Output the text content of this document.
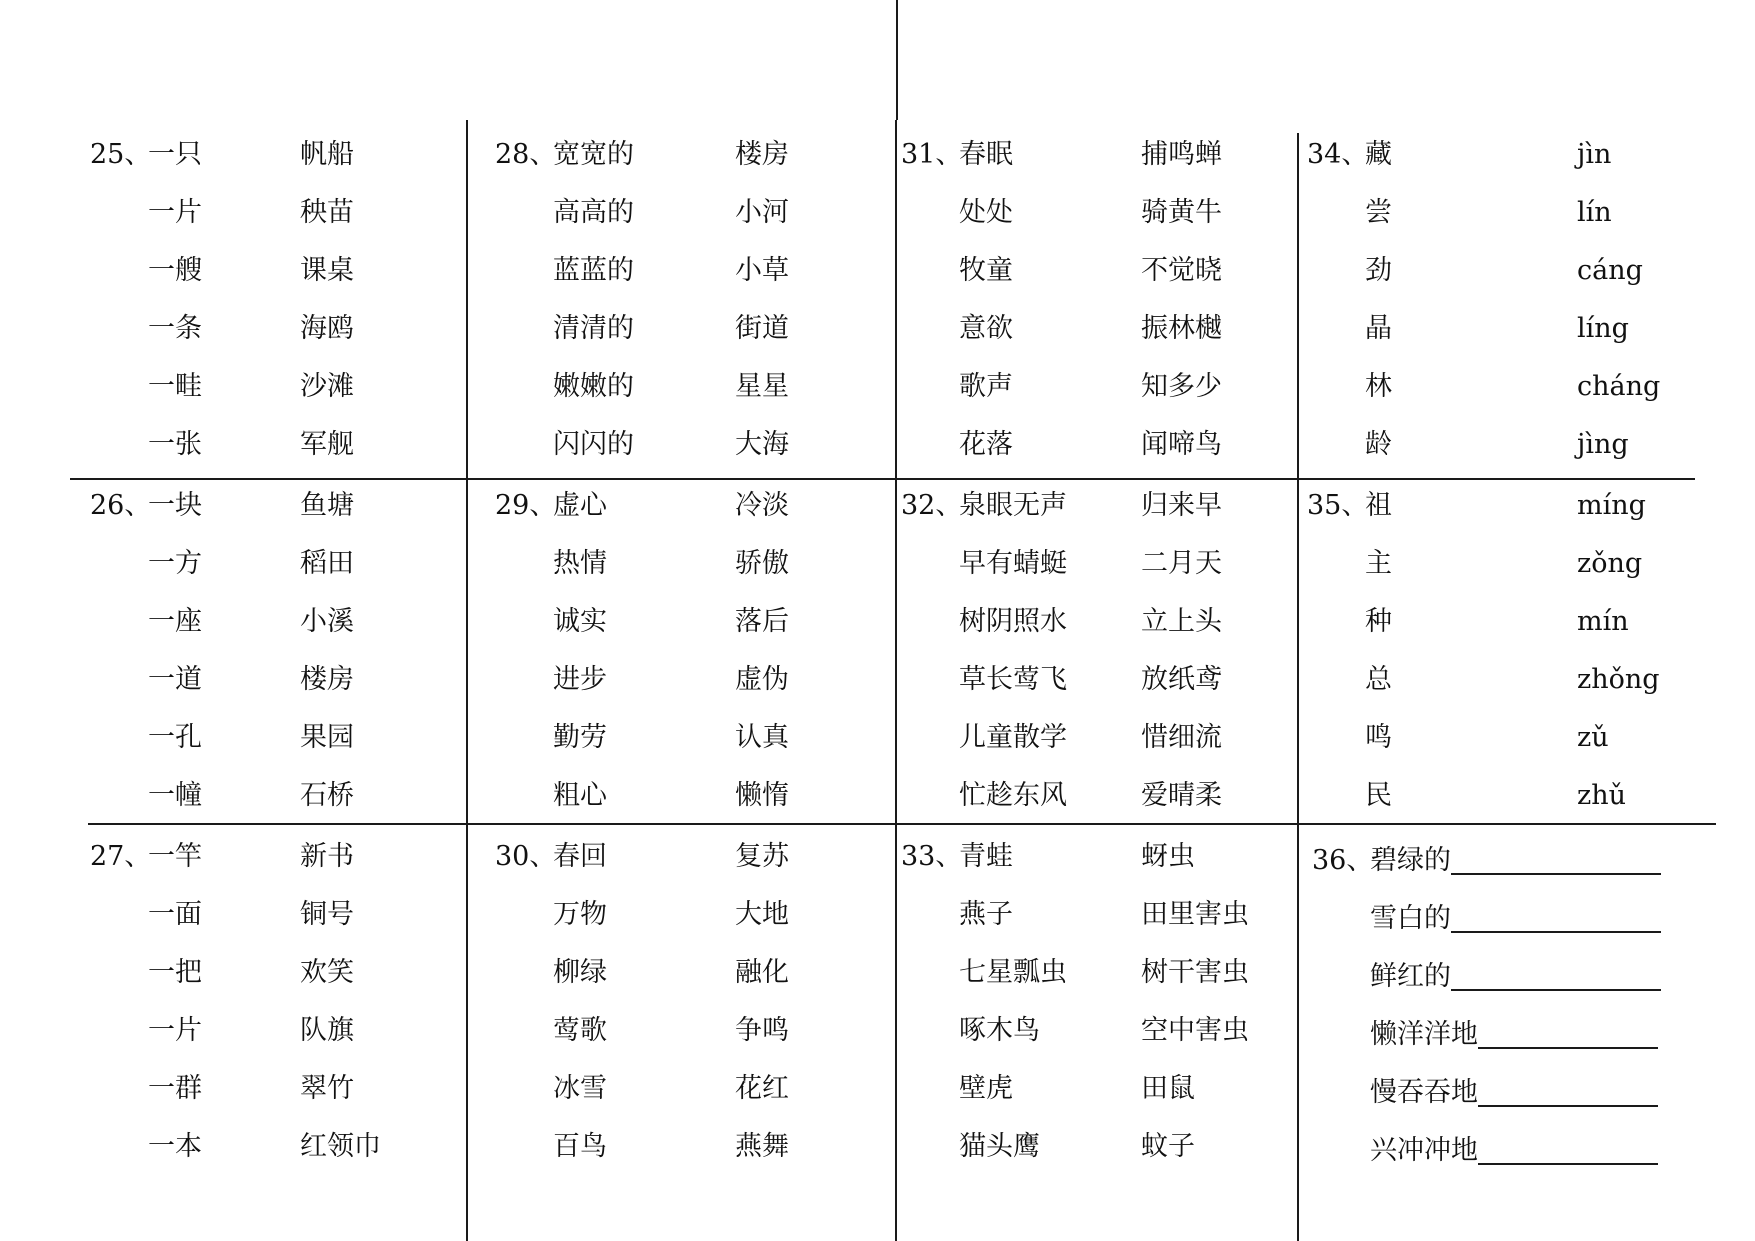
25、
一只	帆船
一片	秧苗
一艘	课桌
一条	海鸥
一畦	沙滩
一张	军舰
26、
一块	鱼塘
一方	稻田
一座	小溪
一道	楼房
一孔	果园
一幢	石桥
27、
一竿	新书
一面	铜号
一把	欢笑
一片	队旗
一群	翠竹
一本	红领巾
28、
宽宽的	楼房
高高的	小河
蓝蓝的	小草
清清的	街道
嫩嫩的	星星
闪闪的	大海
29、
虚心	冷淡
热情	骄傲
诚实	落后
进步	虚伪
勤劳	认真
粗心	懒惰
30、
春回	复苏
万物	大地
柳绿	融化
莺歌	争鸣
冰雪	花红
百鸟	燕舞
31、
春眠	捕鸣蝉
处处	骑黄牛
牧童	不觉晓
意欲	振林樾
歌声	知多少
花落	闻啼鸟
32、
泉眼无声	归来早
早有蜻蜓	二月天
树阴照水	立上头
草长莺飞	放纸鸢
儿童散学	惜细流
忙趁东风	爱晴柔
33、
青蛙	蚜虫
燕子	田里害虫
七星瓢虫	树干害虫
啄木鸟	空中害虫
壁虎	田鼠
猫头鹰	蚊子
34、
藏	jìn
尝	lín
劲	cáng
晶	líng
林	cháng
龄	jìng
35、
祖	míng
主	zǒng
种	mín
总	zhǒng
鸣	zǔ
民	zhǔ
36、
碧绿的
雪白的
鲜红的
懒洋洋地
慢吞吞地
兴冲冲地
